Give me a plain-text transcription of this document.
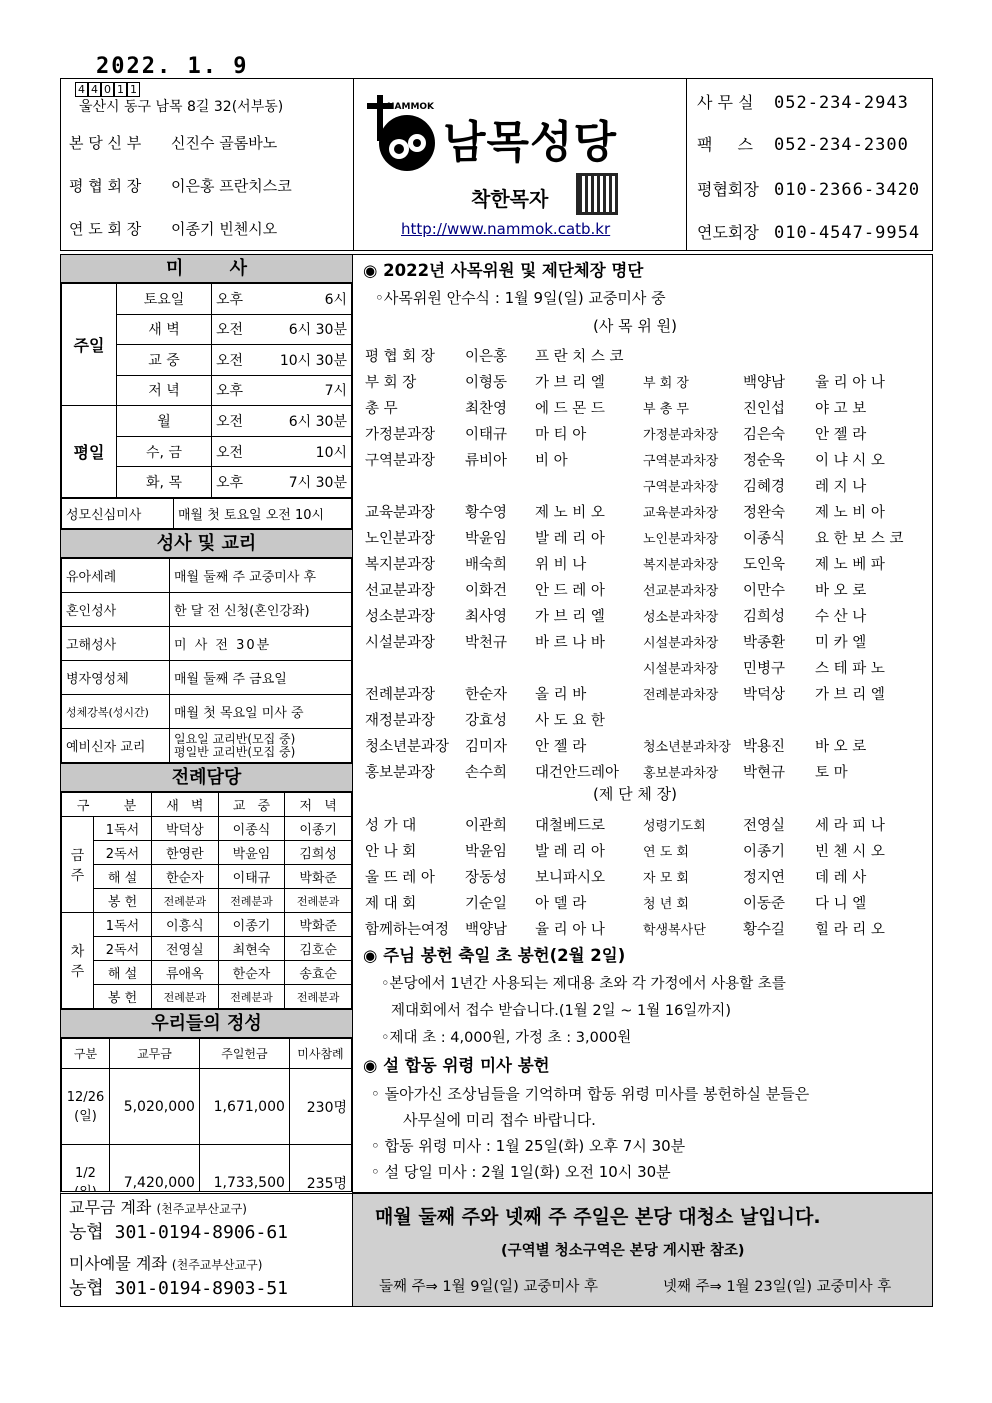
2022. 1. 9
4 4 0 1 1
울산시 동구 남목 8길 32(서부동)
본 당 신 부 신진수 골롬바노
평 협 회 장 이은홍 프란치스코
연 도 회 장 이종기 빈첸시오
NAMMOK
남목성당
착한목자
http://www.nammok.catb.kr
사 무 실 052-234-2943
팩 스 052-234-2300
평협회장 010-2366-3420
연도회장 010-4547-9954
미 사
주일	토요일	오후	6시
	새 벽	오전	6시 30분
	교 중	오전	10시 30분
	저 녁	오후	7시
평일	월	오전	6시 30분
	수, 금	오전	10시
	화, 목	오후	7시 30분
성모신심미사	매월 첫 토요일 오전 10시
성사 및 교리
유아세례	매월 둘째 주 교중미사 후
혼인성사	한 달 전 신청(혼인강좌)
고해성사	미 사 전 30분
병자영성체	매월 둘째 주 금요일
성체강복(성시간)	매월 첫 목요일 미사 중
예비신자 교리	일요일 교리반(모집 중)
평일반 교리반(모집 중)
전례담당
구 분		새 벽	교 중	저 녁
금 주	1독서	박덕상	이종식	이종기
	2독서	한영란	박윤임	김희성
	해 설	한순자	이태규	박화준
	봉 헌	전례분과	전례분과	전례분과
차 주	1독서	이흥식	이종기	박화준
	2독서	전영실	최현숙	김호순
	해 설	류애옥	한순자	송효순
	봉 헌	전례분과	전례분과	전례분과
우리들의 정성
구분	교무금	주일헌금	미사참례

12/26
(일)	5,020,000	1,671,000	230명

1/2	7,420,000	1,733,500	235명
교무금 계좌 (천주교부산교구)
농협 301-0194-8906-61
미사예물 계좌 (천주교부산교구)
농협 301-0194-8903-51
◉ 2022년 사목위원 및 제단체장 명단
◦사목위원 안수식 : 1월 9일(일) 교중미사 중
(사 목 위 원)
평 협 회 장	이은홍	프 란 치 스 코
부 회 장	이형동	가 브 리 엘	부 회 장	백양남	율 리 아 나
총 무	최찬영	에 드 몬 드	부 총 무	진인섭	야 고 보
가정분과장	이태규	마 티 아	가정분과차장	김은숙	안 젤 라
구역분과장	류비아	비 아	구역분과차장	정순욱	이 냐 시 오
구역분과차장	김혜경	레 지 나
교육분과장	황수영	제 노 비 오	교육분과차장	정완숙	제 노 비 아
노인분과장	박윤임	발 레 리 아	노인분과차장	이종식	요 한 보 스 코
복지분과장	배숙희	위 비 나	복지분과차장	도인욱	제 노 베 파
선교분과장	이화건	안 드 레 아	선교분과차장	이만수	바 오 로
성소분과장	최사영	가 브 리 엘	성소분과차장	김희성	수 산 나
시설분과장	박천규	바 르 나 바	시설분과차장	박종환	미 카 엘
시설분과차장	민병구	스 테 파 노
전례분과장	한순자	올 리 바	전례분과차장	박덕상	가 브 리 엘
재정분과장	강효성	사 도 요 한
청소년분과장	김미자	안 젤 라	청소년분과차장 박용진	바 오 로
홍보분과장	손수희	대건안드레아	홍보분과차장	박현규	토 마
(제 단 체 장)
성 가 대	이관희	대철베드로	성령기도회	전영실	세 라 피 나
안 나 회	박윤임	발 레 리 아	연 도 회	이종기	빈 첸 시 오
울 뜨 레 아	장동성	보니파시오	자 모 회	정지연	데 레 사
제 대 회	기순일	아 델 라	청 년 회	이동준	다 니 엘
함께하는여정	백양남	율 리 아 나	학생복사단	황수길	힐 라 리 오
◉ 주님 봉헌 축일 초 봉헌(2월 2일)
◦본당에서 1년간 사용되는 제대용 초와 각 가정에서 사용할 초를
제대회에서 접수 받습니다.(1월 2일 ~ 1월 16일까지)
◦제대 초 : 4,000원, 가정 초 : 3,000원
◉ 설 합동 위령 미사 봉헌
◦ 돌아가신 조상님들을 기억하며 합동 위령 미사를 봉헌하실 분들은
사무실에 미리 접수 바랍니다.
◦ 합동 위령 미사 : 1월 25일(화) 오후 7시 30분
◦ 설 당일 미사 : 2월 1일(화) 오전 10시 30분
매월 둘째 주와 넷째 주 주일은 본당 대청소 날입니다.
(구역별 청소구역은 본당 게시판 참조)
둘째 주⇒ 1월 9일(일) 교중미사 후	넷째 주⇒ 1월 23일(일) 교중미사 후
